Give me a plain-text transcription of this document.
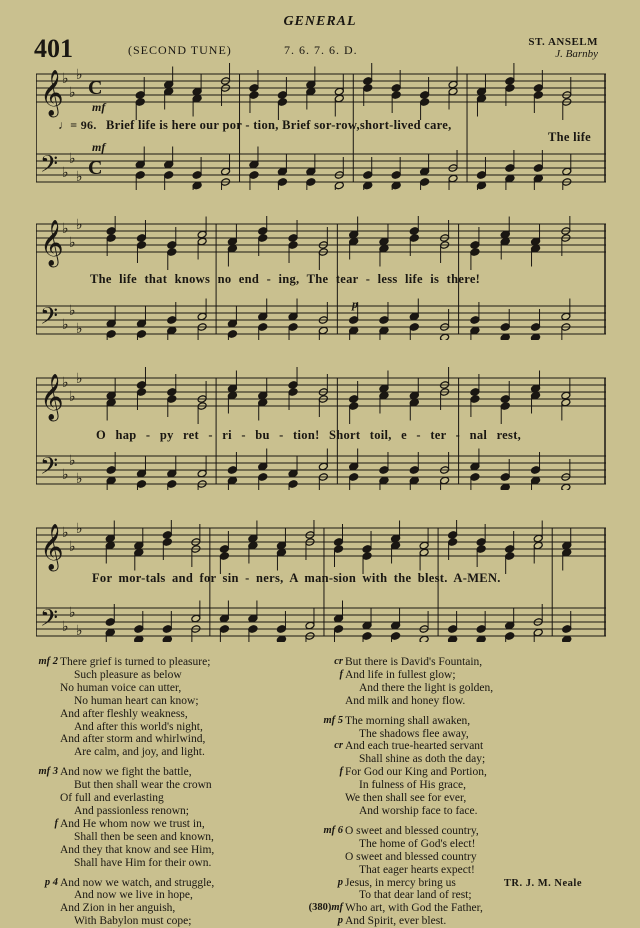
GENERAL
401	(SECOND TUNE)	7. 6. 7. 6. D.
ST. ANSELM
J. Barnby
𝄞
♭
♭
♭
𝄢 ♭
♭
♭
C
C
𝄞
♭
♭
♭
𝄢 ♭
♭
♭
𝄞
♭
♭
♭
𝄢 ♭
♭
♭
𝄞
♭
♭
♭
𝄢 ♭
♭
♭
mf
mf
p
♩= 96. Brief life is here our por - tion, Brief sor-row,short-lived care,
The life
The life that knows no end - ing, The tear - less life is there!
O hap - py ret - ri - bu - tion! Short toil, e - ter - nal rest,
For mor-tals and for sin - ners, A man-sion with the blest. A-MEN.
mf 2 There grief is turned to pleasure;
Such pleasure as below
No human voice can utter,
No human heart can know;
And after fleshly weakness,
And after this world's night,
And after storm and whirlwind,
Are calm, and joy, and light.
mf 3 And now we fight the battle,
But then shall wear the crown
Of full and everlasting
And passionless renown;
f And He whom now we trust in,
Shall then be seen and known,
And they that know and see Him,
Shall have Him for their own.
p 4 And now we watch, and struggle,
And now we live in hope,
And Zion in her anguish,
With Babylon must cope;
cr But there is David's Fountain,
f And life in fullest glow;
And there the light is golden,
And milk and honey flow.
mf 5 The morning shall awaken,
The shadows flee away,
cr And each true-hearted servant
Shall shine as doth the day;
f For God our King and Portion,
In fulness of His grace,
We then shall see for ever,
And worship face to face.
mf 6 O sweet and blessed country,
The home of God's elect!
O sweet and blessed country
That eager hearts expect!
p Jesus, in mercy bring us
To that dear land of rest;
mf Who art, with God the Father,
p And Spirit, ever blest.
TR. J. M. Neale
(380)
